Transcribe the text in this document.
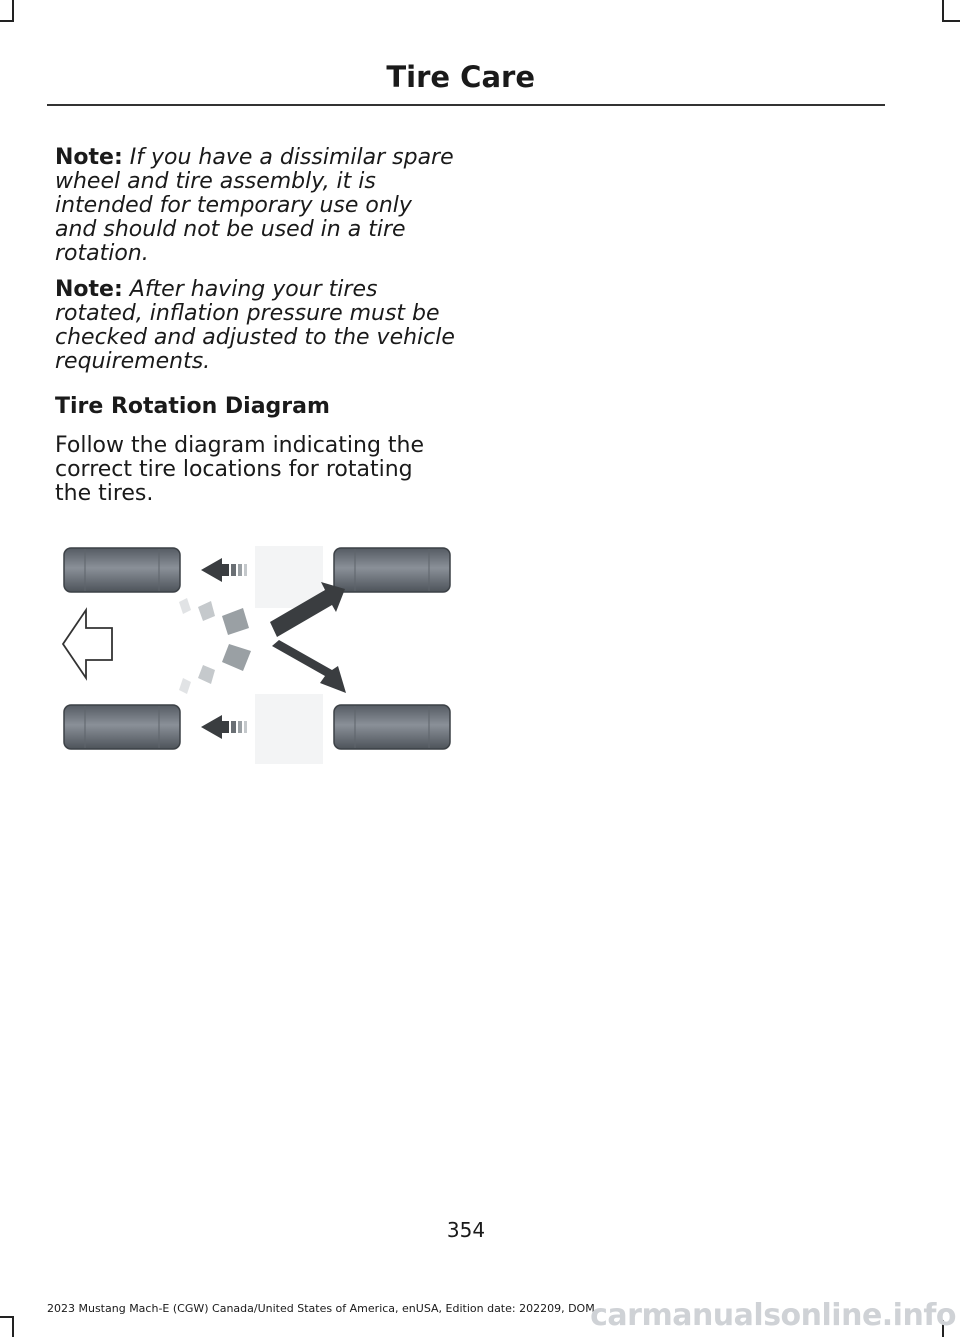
Tire Care

Note: If you have a dissimilar spare wheel and tire assembly, it is intended for temporary use only and should not be used in a tire rotation.

Note: After having your tires rotated, inflation pressure must be checked and adjusted to the vehicle requirements.

Tire Rotation Diagram

Follow the diagram indicating the correct tire locations for rotating the tires.

354
2023 Mustang Mach-E (CGW) Canada/United States of America, enUSA, Edition date: 202209, DOM
carmanualsonline.info
